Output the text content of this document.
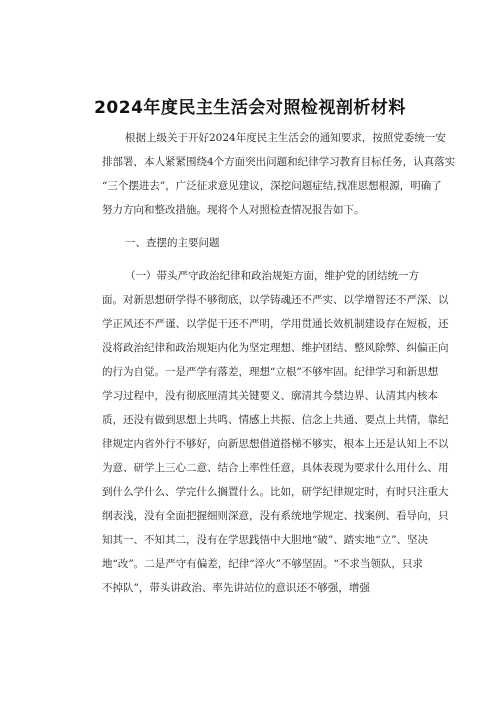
2024年度民主生活会对照检视剖析材料
根据上级关于开好2024年度民主生活会的通知要求，按照党委统一安
排部署，本人紧紧围绕4个方面突出问题和纪律学习教育目标任务，认真落实
“三个摆进去”，广泛征求意见建议，深挖问题症结,找准思想根源，明确了
努力方向和整改措施。现将个人对照检查情况报告如下。
一、查摆的主要问题
（一）带头严守政治纪律和政治规矩方面，维护党的团结统一方
面。对新思想研学得不够彻底，以学铸魂还不严实、以学增智还不严深、以
学正风还不严谨、以学促干还不严明，学用贯通长效机制建设存在短板，还
没将政治纪律和政治规矩内化为坚定理想、维护团结、整风除弊、纠偏正向
的行为自觉。一是严学有落差，理想“立根”不够牢固。纪律学习和新思想
学习过程中，没有彻底厘清其关键要义、廓清其今禁边界、认清其内核本
质，还没有做到思想上共鸣、情感上共振、信念上共通、要点上共情，靠纪
律规定内省外行不够好，向新思想借道搭梯不够实，根本上还是认知上不以
为意、研学上三心二意、结合上率性任意，具体表现为要求什么用什么、用
到什么学什么、学完什么搁置什么。比如，研学纪律规定时，有时只注重大
纲表浅，没有全面把握细则深意，没有系统地学规定、找案例、看导向，只
知其一、不知其二，没有在学思践悟中大胆地“破”、踏实地“立”、坚决
地“改”。二是严守有偏差，纪律“淬火”不够坚固。“不求当领队，只求
不掉队”，带头讲政治、率先讲站位的意识还不够强，增强
